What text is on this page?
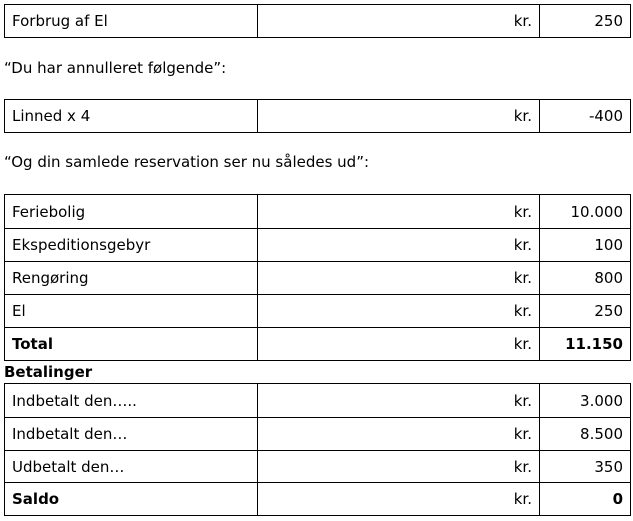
Forbrug af El	kr.	250

“Du har annulleret følgende”:

Linned x 4	kr.	-400

“Og din samlede reservation ser nu således ud”:

Feriebolig	kr.	10.000
Ekspeditionsgebyr	kr.	100
Rengøring	kr.	800
El	kr.	250
Total	kr.	11.150

Betalinger

Indbetalt den…..	kr.	3.000
Indbetalt den…	kr.	8.500
Udbetalt den…	kr.	350
Saldo	kr.	0
